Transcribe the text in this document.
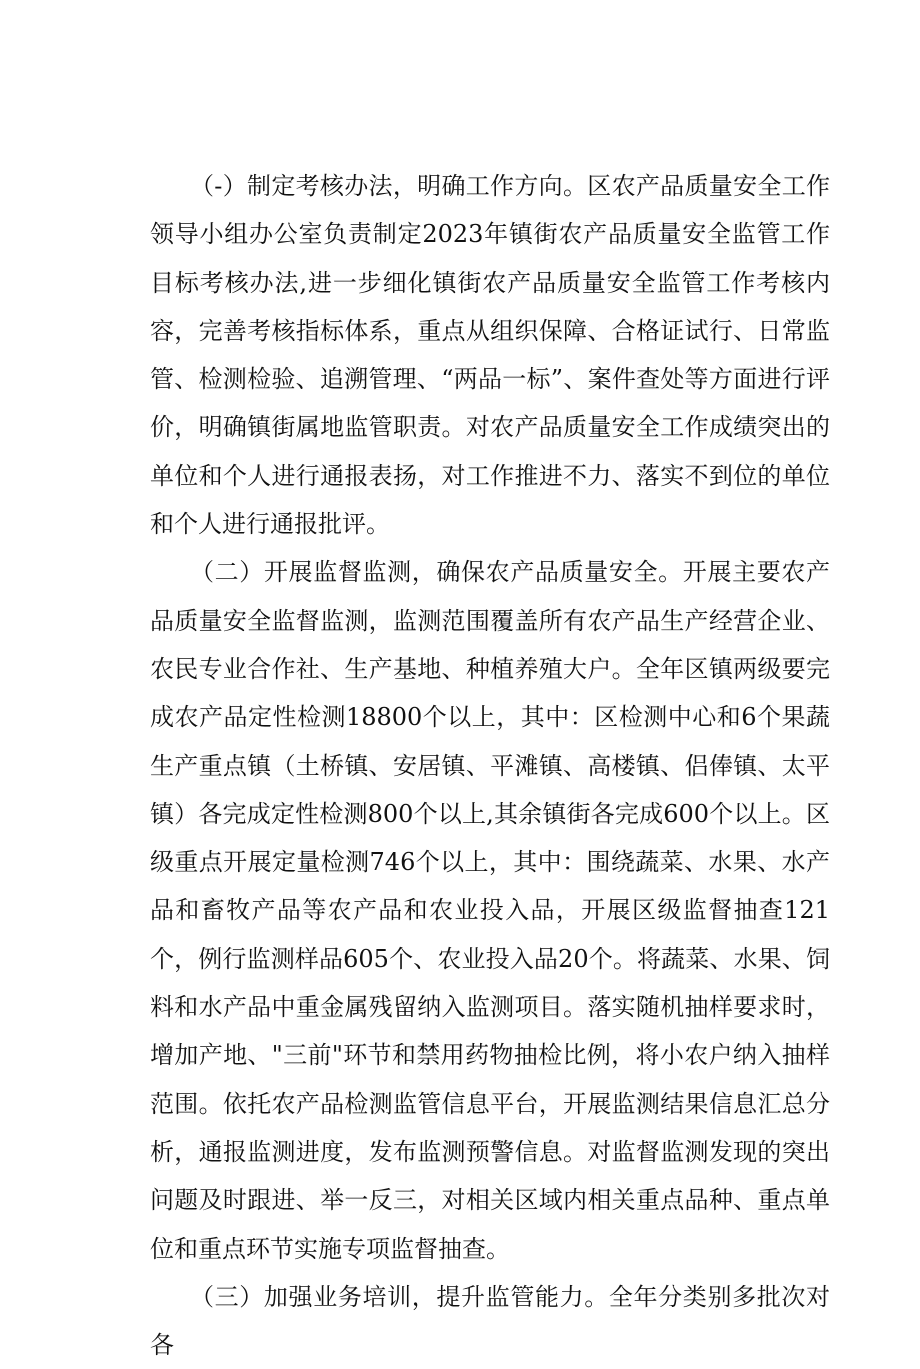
（-）制定考核办法，明确工作方向。区农产品质量安全工作领导小组办公室负责制定2023年镇街农产品质量安全监管工作目标考核办法,进一步细化镇街农产品质量安全监管工作考核内容，完善考核指标体系，重点从组织保障、合格证试行、日常监管、检测检验、追溯管理、“两品一标”、案件查处等方面进行评价，明确镇街属地监管职责。对农产品质量安全工作成绩突出的单位和个人进行通报表扬，对工作推进不力、落实不到位的单位和个人进行通报批评。

（二）开展监督监测，确保农产品质量安全。开展主要农产品质量安全监督监测，监测范围覆盖所有农产品生产经营企业、农民专业合作社、生产基地、种植养殖大户。全年区镇两级要完成农产品定性检测18800个以上，其中：区检测中心和6个果蔬生产重点镇（土桥镇、安居镇、平滩镇、高楼镇、侣俸镇、太平镇）各完成定性检测800个以上,其余镇街各完成600个以上。区级重点开展定量检测746个以上，其中：围绕蔬菜、水果、水产品和畜牧产品等农产品和农业投入品，开展区级监督抽查121个，例行监测样品605个、农业投入品20个。将蔬菜、水果、饲料和水产品中重金属残留纳入监测项目。落实随机抽样要求时，增加产地、"三前"环节和禁用药物抽检比例，将小农户纳入抽样范围。依托农产品检测监管信息平台，开展监测结果信息汇总分析，通报监测进度，发布监测预警信息。对监督监测发现的突出问题及时跟进、举一反三，对相关区域内相关重点品种、重点单位和重点环节实施专项监督抽查。

（三）加强业务培训，提升监管能力。全年分类别多批次对各
